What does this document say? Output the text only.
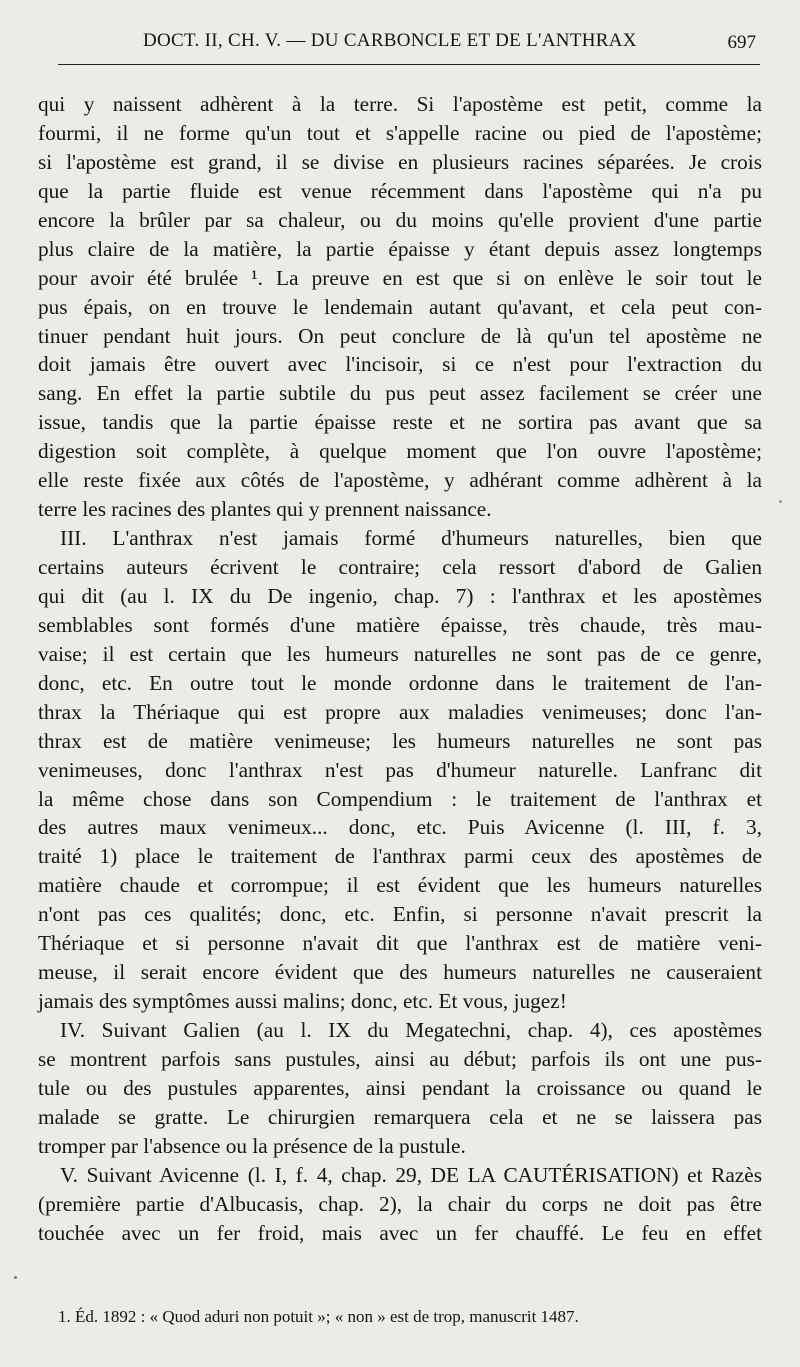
DOCT. II, CH. V. — DU CARBONCLE ET DE L'ANTHRAX	697
qui y naissent adhèrent à la terre. Si l'apostème est petit, comme la
fourmi, il ne forme qu'un tout et s'appelle racine ou pied de l'apostème;
si l'apostème est grand, il se divise en plusieurs racines séparées. Je crois
que la partie fluide est venue récemment dans l'apostème qui n'a pu
encore la brûler par sa chaleur, ou du moins qu'elle provient d'une partie
plus claire de la matière, la partie épaisse y étant depuis assez longtemps
pour avoir été brulée ¹. La preuve en est que si on enlève le soir tout le
pus épais, on en trouve le lendemain autant qu'avant, et cela peut con-
tinuer pendant huit jours. On peut conclure de là qu'un tel apostème ne
doit jamais être ouvert avec l'incisoir, si ce n'est pour l'extraction du
sang. En effet la partie subtile du pus peut assez facilement se créer une
issue, tandis que la partie épaisse reste et ne sortira pas avant que sa
digestion soit complète, à quelque moment que l'on ouvre l'apostème;
elle reste fixée aux côtés de l'apostème, y adhérant comme adhèrent à la
terre les racines des plantes qui y prennent naissance.
III. L'anthrax n'est jamais formé d'humeurs naturelles, bien que
certains auteurs écrivent le contraire; cela ressort d'abord de Galien
qui dit (au l. IX du De ingenio, chap. 7) : l'anthrax et les apostèmes
semblables sont formés d'une matière épaisse, très chaude, très mau-
vaise; il est certain que les humeurs naturelles ne sont pas de ce genre,
donc, etc. En outre tout le monde ordonne dans le traitement de l'an-
thrax la Thériaque qui est propre aux maladies venimeuses; donc l'an-
thrax est de matière venimeuse; les humeurs naturelles ne sont pas
venimeuses, donc l'anthrax n'est pas d'humeur naturelle. Lanfranc dit
la même chose dans son Compendium : le traitement de l'anthrax et
des autres maux venimeux... donc, etc. Puis Avicenne (l. III, f. 3,
traité 1) place le traitement de l'anthrax parmi ceux des apostèmes de
matière chaude et corrompue; il est évident que les humeurs naturelles
n'ont pas ces qualités; donc, etc. Enfin, si personne n'avait prescrit la
Thériaque et si personne n'avait dit que l'anthrax est de matière veni-
meuse, il serait encore évident que des humeurs naturelles ne causeraient
jamais des symptômes aussi malins; donc, etc. Et vous, jugez!
IV. Suivant Galien (au l. IX du Megatechni, chap. 4), ces apostèmes
se montrent parfois sans pustules, ainsi au début; parfois ils ont une pus-
tule ou des pustules apparentes, ainsi pendant la croissance ou quand le
malade se gratte. Le chirurgien remarquera cela et ne se laissera pas
tromper par l'absence ou la présence de la pustule.
V. Suivant Avicenne (l. I, f. 4, chap. 29, DE LA CAUTÉRISATION) et Razès
(première partie d'Albucasis, chap. 2), la chair du corps ne doit pas être
touchée avec un fer froid, mais avec un fer chauffé. Le feu en effet
1. Éd. 1892 : « Quod aduri non potuit »; « non » est de trop, manuscrit 1487.
